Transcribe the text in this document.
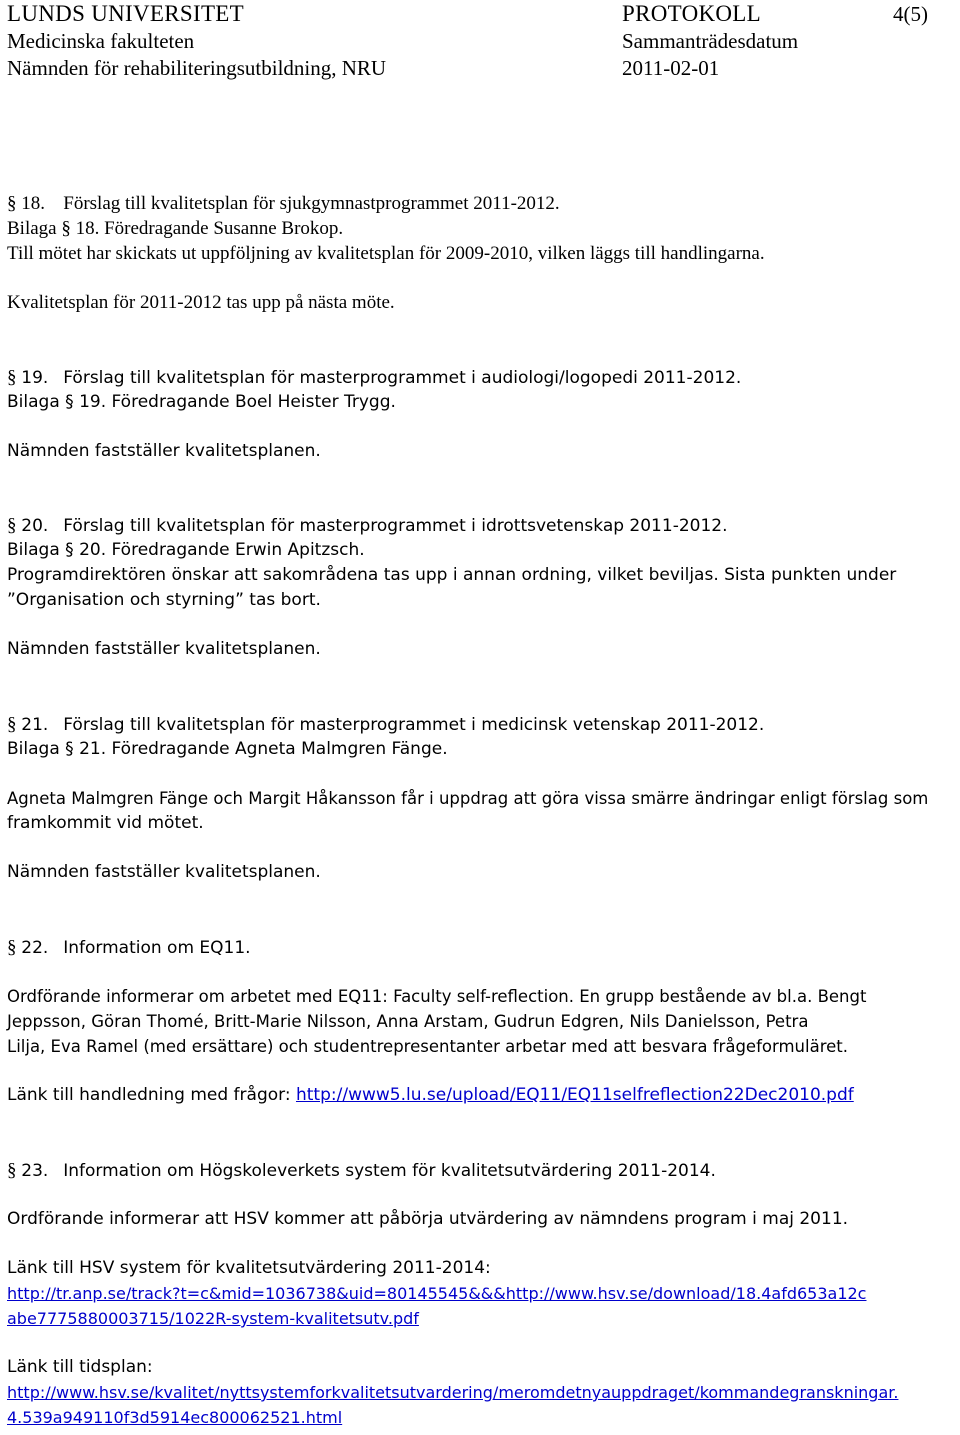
LUNDS UNIVERSITET
Medicinska fakulteten
Nämnden för rehabiliteringsutbildning, NRU
PROTOKOLL	4(5)
Sammanträdesdatum
2011-02-01
§ 18. Förslag till kvalitetsplan för sjukgymnastprogrammet 2011-2012.
Bilaga § 18. Föredragande Susanne Brokop.
Till mötet har skickats ut uppföljning av kvalitetsplan för 2009-2010, vilken läggs till handlingarna.
Kvalitetsplan för 2011-2012 tas upp på nästa möte.
§ 19. Förslag till kvalitetsplan för masterprogrammet i audiologi/logopedi 2011-2012.
Bilaga § 19. Föredragande Boel Heister Trygg.
Nämnden fastställer kvalitetsplanen.
§ 20. Förslag till kvalitetsplan för masterprogrammet i idrottsvetenskap 2011-2012.
Bilaga § 20. Föredragande Erwin Apitzsch.
Programdirektören önskar att sakområdena tas upp i annan ordning, vilket beviljas. Sista punkten under
”Organisation och styrning” tas bort.
Nämnden fastställer kvalitetsplanen.
§ 21. Förslag till kvalitetsplan för masterprogrammet i medicinsk vetenskap 2011-2012.
Bilaga § 21. Föredragande Agneta Malmgren Fänge.
Agneta Malmgren Fänge och Margit Håkansson får i uppdrag att göra vissa smärre ändringar enligt förslag som
framkommit vid mötet.
Nämnden fastställer kvalitetsplanen.
§ 22. Information om EQ11.
Ordförande informerar om arbetet med EQ11: Faculty self-reflection. En grupp bestående av bl.a. Bengt
Jeppsson, Göran Thomé, Britt-Marie Nilsson, Anna Arstam, Gudrun Edgren, Nils Danielsson, Petra
Lilja, Eva Ramel (med ersättare) och studentrepresentanter arbetar med att besvara frågeformuläret.
Länk till handledning med frågor: http://www5.lu.se/upload/EQ11/EQ11selfreflection22Dec2010.pdf
§ 23. Information om Högskoleverkets system för kvalitetsutvärdering 2011-2014.
Ordförande informerar att HSV kommer att påbörja utvärdering av nämndens program i maj 2011.
Länk till HSV system för kvalitetsutvärdering 2011-2014:
http://tr.anp.se/track?t=c&mid=1036738&uid=80145545&&&http://www.hsv.se/download/18.4afd653a12c
abe7775880003715/1022R-system-kvalitetsutv.pdf
Länk till tidsplan:
http://www.hsv.se/kvalitet/nyttsystemforkvalitetsutvardering/meromdetnyauppdraget/kommandegranskningar.
4.539a949110f3d5914ec800062521.html
